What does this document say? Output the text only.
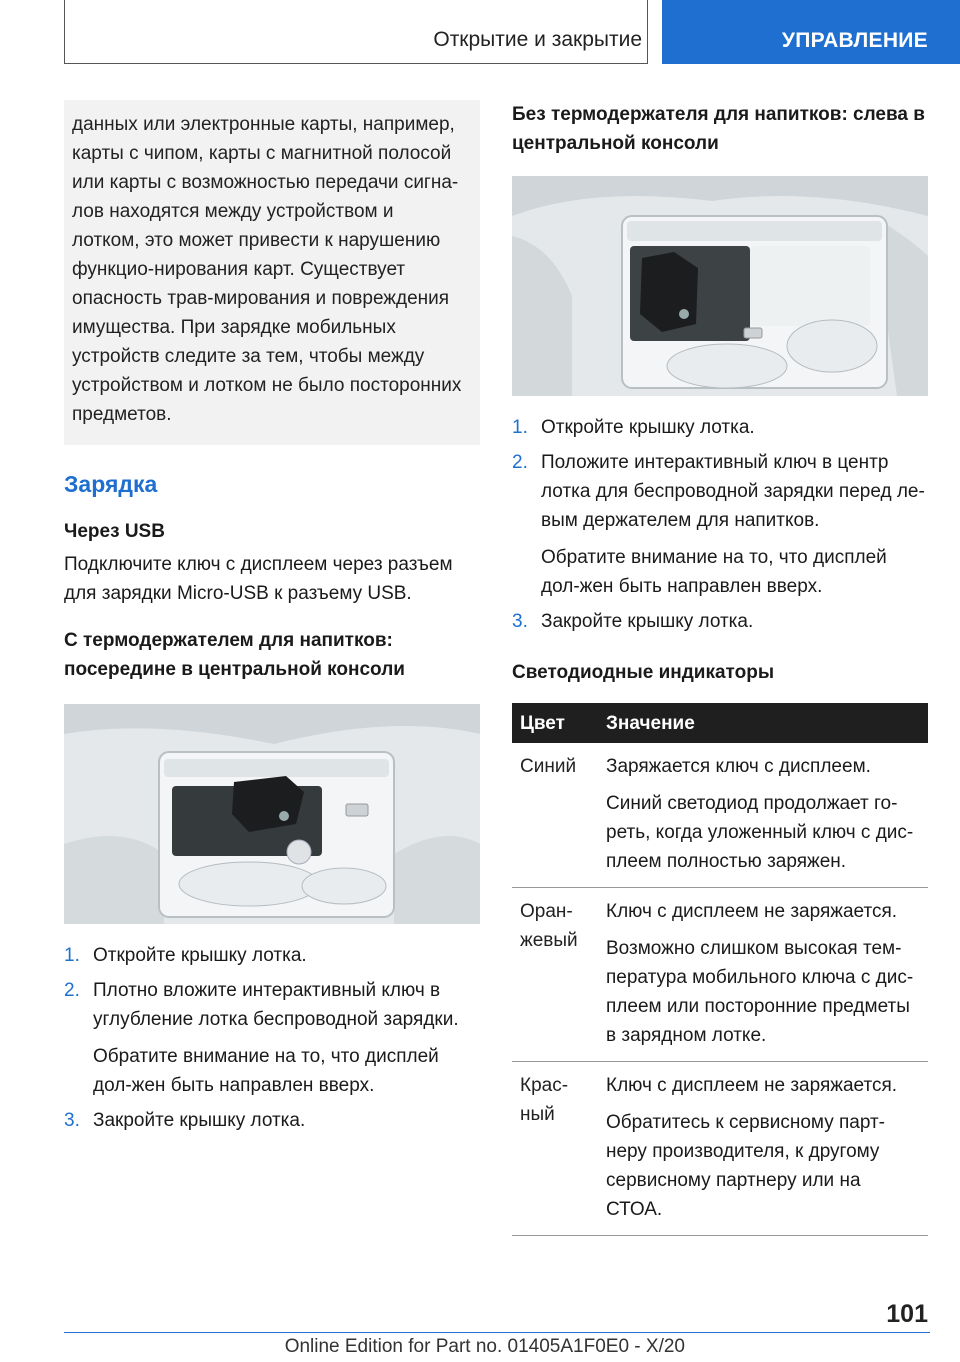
Открытие и закрытие	УПРАВЛЕНИЕ
данных или электронные карты, например, карты с чипом, карты с магнитной полосой или карты с возможностью передачи сигна‐лов находятся между устройством и лотком, это может привести к нарушению функцио‐нирования карт. Существует опасность трав‐мирования и повреждения имущества. При зарядке мобильных устройств следите за тем, чтобы между устройством и лотком не было посторонних предметов.
Зарядка
Через USB

Подключите ключ с дисплеем через разъем для зарядки Micro-USB к разъему USB.

С термодержателем для напитков: посередине в центральной консоли
1. Откройте крышку лотка.
2. Плотно вложите интерактивный ключ в углубление лотка беспроводной зарядки.
Обратите внимание на то, что дисплей дол‐жен быть направлен вверх.
3. Закройте крышку лотка.
Без термодержателя для напитков: слева в центральной консоли
1. Откройте крышку лотка.
2. Положите интерактивный ключ в центр лотка для беспроводной зарядки перед ле‐вым держателем для напитков.
Обратите внимание на то, что дисплей дол‐жен быть направлен вверх.
3. Закройте крышку лотка.
Светодиодные индикаторы
Цвет	Значение
Синий	Заряжается ключ с дисплеем.
Синий светодиод продолжает го‐реть, когда уложенный ключ с дис‐плеем полностью заряжен.

Оран‐жевый	Ключ с дисплеем не заряжается.
Возможно слишком высокая тем‐пература мобильного ключа с дис‐плеем или посторонние предметы в зарядном лотке.

Крас‐ный	Ключ с дисплеем не заряжается.
Обратитесь к сервисному парт‐неру производителя, к другому сервисному партнеру или на СТОА.
101
Online Edition for Part no. 01405A1F0E0 - X/20
